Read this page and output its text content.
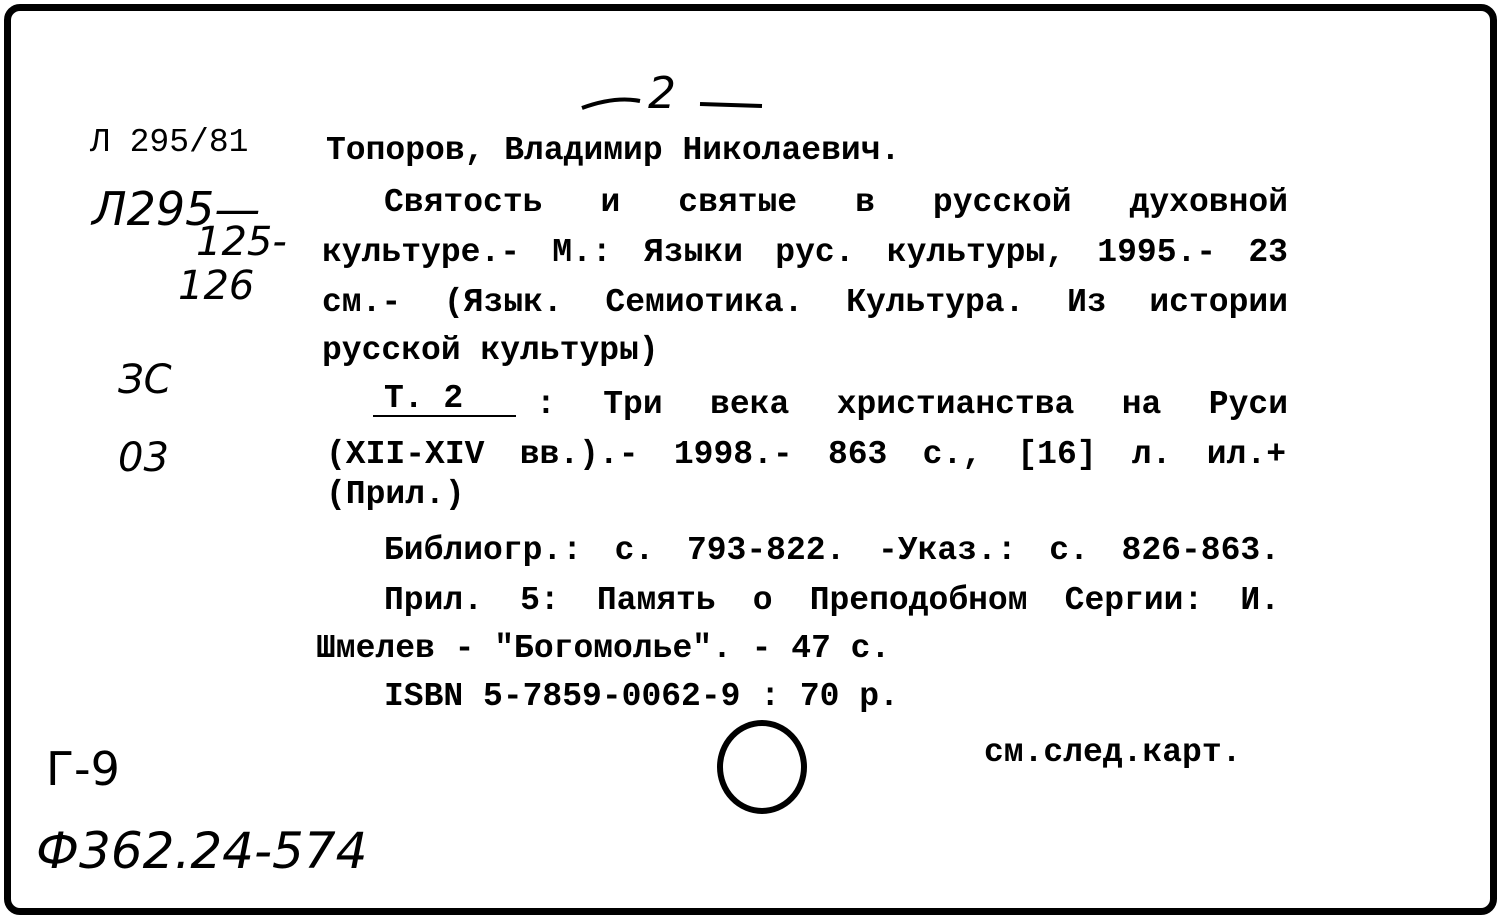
2

Л 295/81

Л295—

125-

126

ЗС

03

Г-9

Ф362.24-574

Топоров, Владимир Николаевич.

Святость и святые в русской духовной

культуре.- М.: Языки рус. культуры, 1995.- 23

см.- (Язык. Семиотика. Культура. Из истории

русской культуры)

Т. 2 : Три века христианства на Руси

(XII-XIV вв.).- 1998.- 863 с., [16] л. ил.+

(Прил.)

Библиогр.: с. 793-822. -Указ.: с. 826-863.

Прил. 5: Память о Преподобном Сергии: И.

Шмелев - "Богомолье". - 47 с.

ISBN 5-7859-0062-9 : 70 р.

см.след.карт.
